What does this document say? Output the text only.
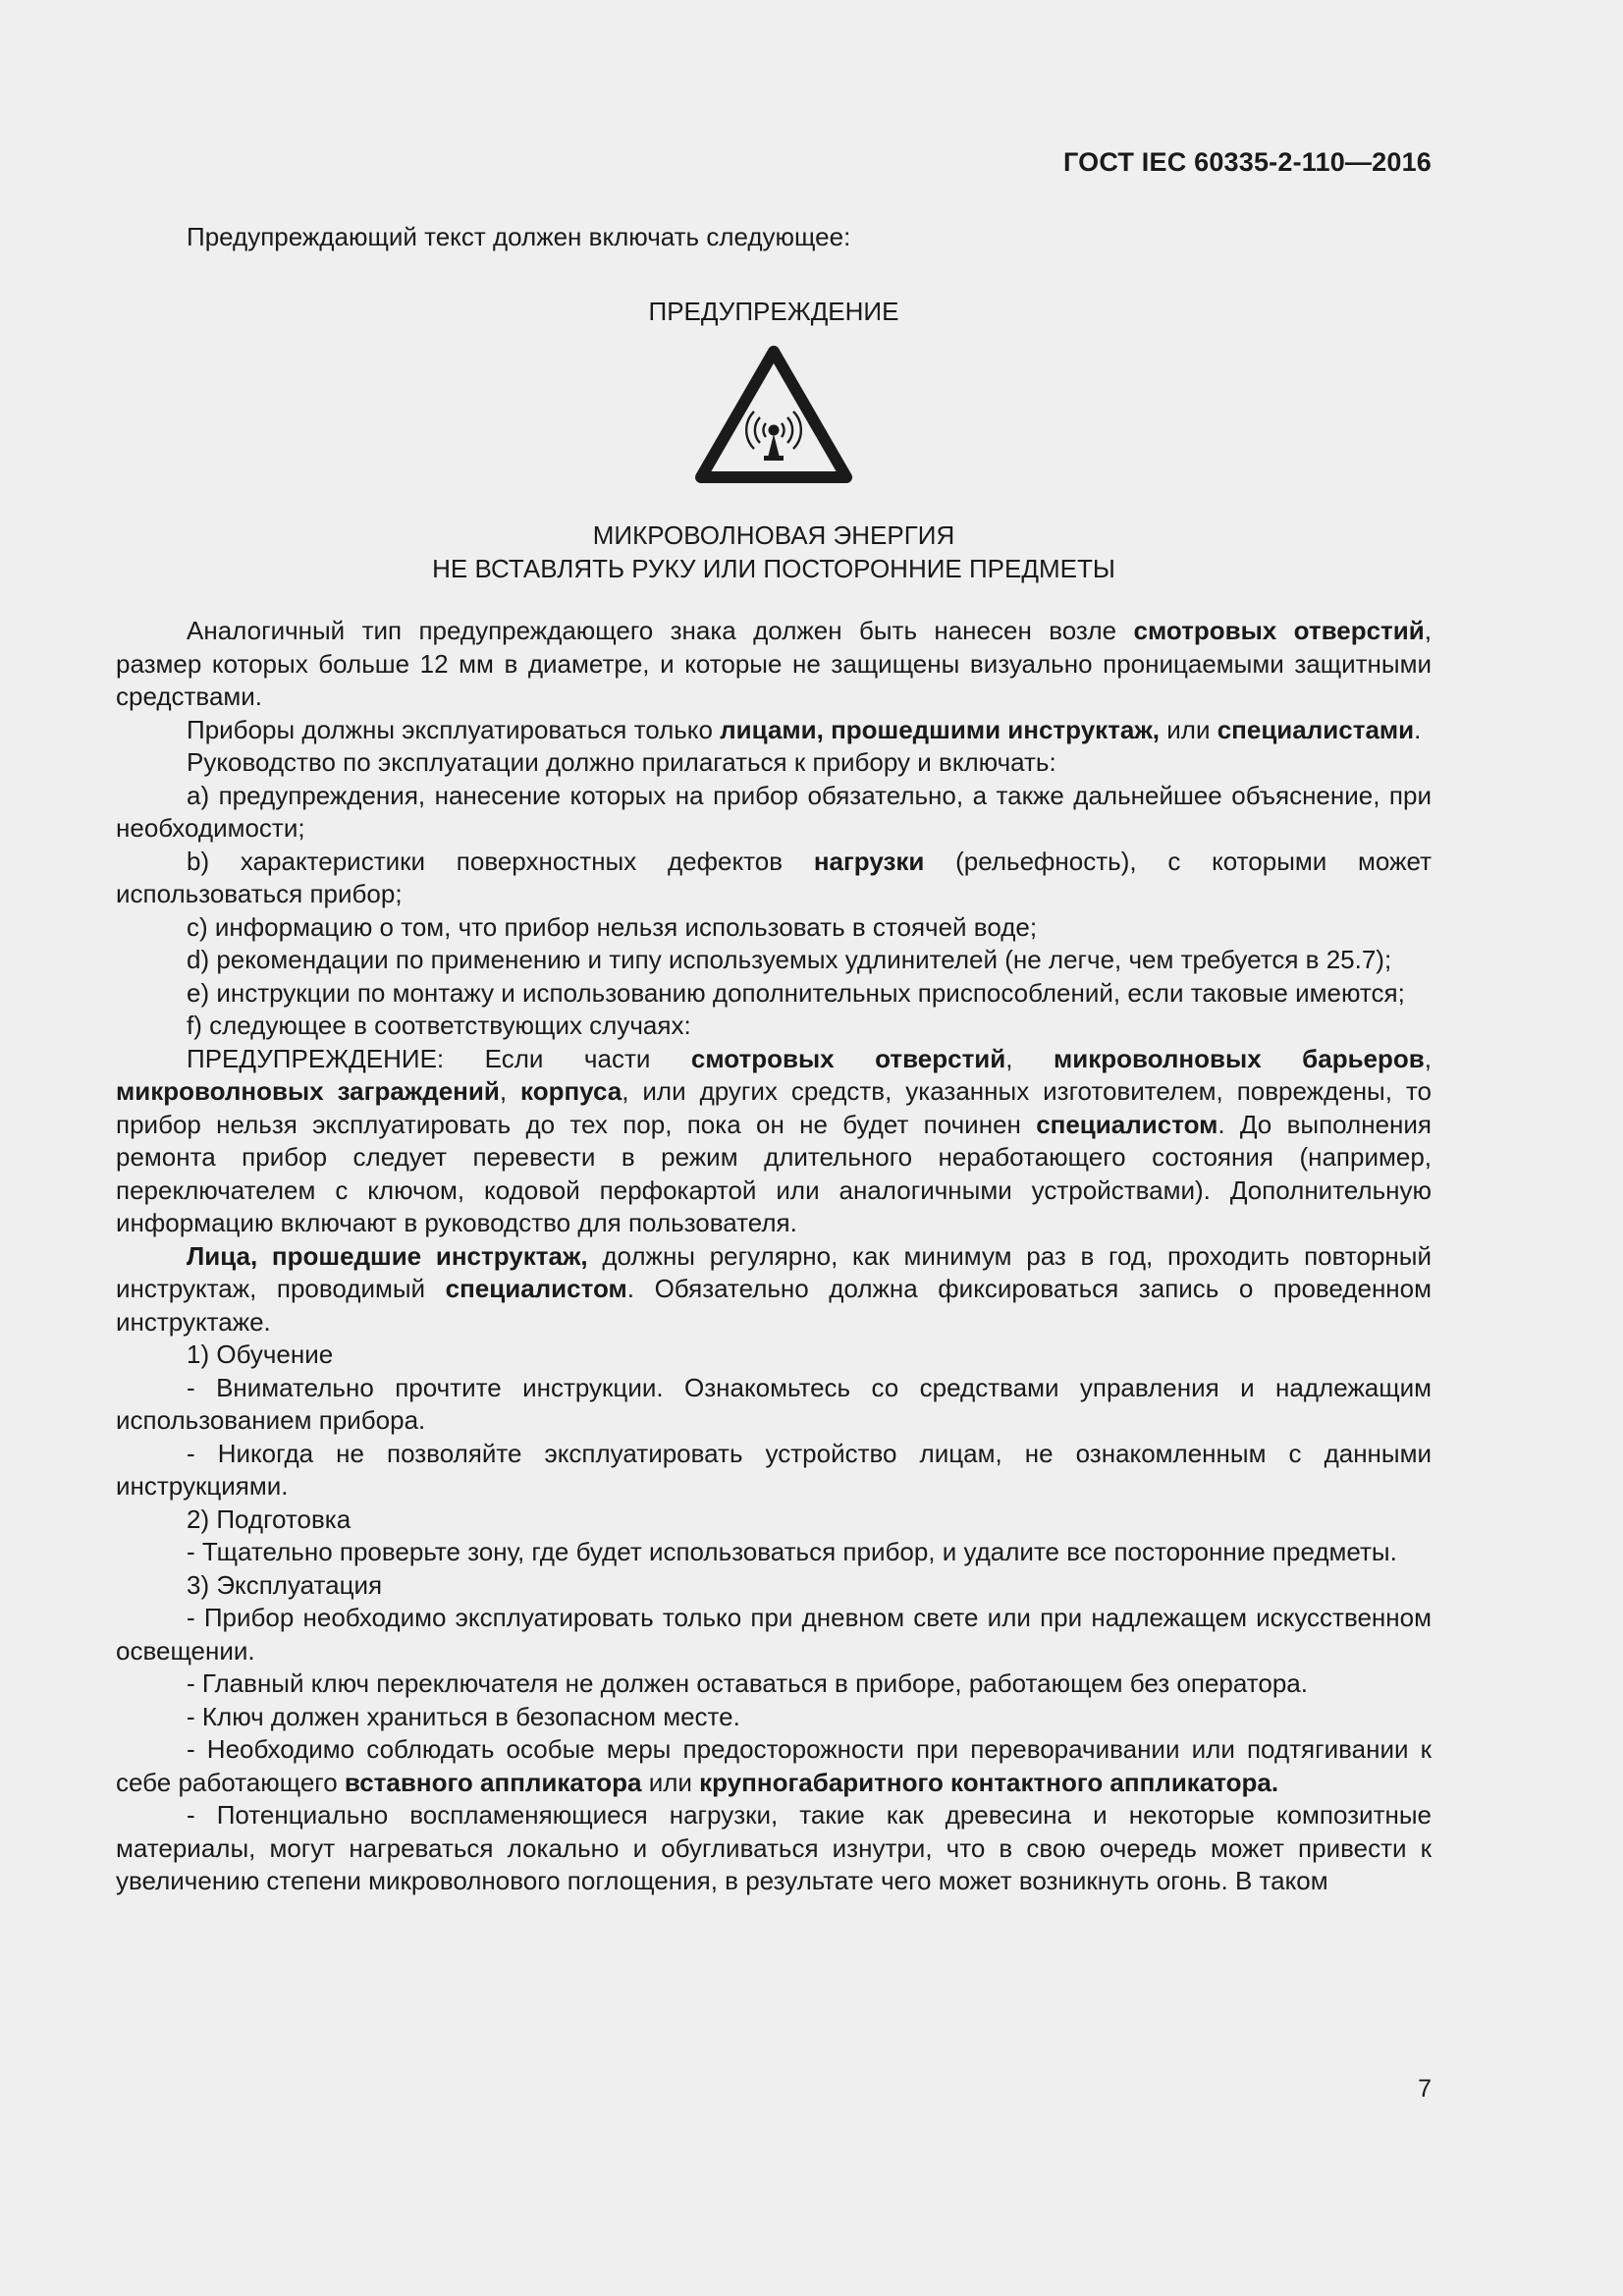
ГОСТ IEC 60335-2-110—2016

Предупреждающий текст должен включать следующее:

ПРЕДУПРЕЖДЕНИЕ
МИКРОВОЛНОВАЯ ЭНЕРГИЯ
НЕ ВСТАВЛЯТЬ РУКУ ИЛИ ПОСТОРОННИЕ ПРЕДМЕТЫ

Аналогичный тип предупреждающего знака должен быть нанесен возле смотровых отверстий, размер которых больше 12 мм в диаметре, и которые не защищены визуально проницаемыми защитными средствами.

Приборы должны эксплуатироваться только лицами, прошедшими инструктаж, или специалистами.

Руководство по эксплуатации должно прилагаться к прибору и включать:

a) предупреждения, нанесение которых на прибор обязательно, а также дальнейшее объяснение, при необходимости;

b) характеристики поверхностных дефектов нагрузки (рельефность), с которыми может использоваться прибор;

c) информацию о том, что прибор нельзя использовать в стоячей воде;

d) рекомендации по применению и типу используемых удлинителей (не легче, чем требуется в 25.7);

e) инструкции по монтажу и использованию дополнительных приспособлений, если таковые имеются;

f) следующее в соответствующих случаях:

ПРЕДУПРЕЖДЕНИЕ: Если части смотровых отверстий, микроволновых барьеров, микроволновых заграждений, корпуса, или других средств, указанных изготовителем, повреждены, то прибор нельзя эксплуатировать до тех пор, пока он не будет починен специалистом. До выполнения ремонта прибор следует перевести в режим длительного неработающего состояния (например, переключателем с ключом, кодовой перфокартой или аналогичными устройствами). Дополнительную информацию включают в руководство для пользователя.

Лица, прошедшие инструктаж, должны регулярно, как минимум раз в год, проходить повторный инструктаж, проводимый специалистом. Обязательно должна фиксироваться запись о проведенном инструктаже.

1) Обучение

- Внимательно прочтите инструкции. Ознакомьтесь со средствами управления и надлежащим использованием прибора.

- Никогда не позволяйте эксплуатировать устройство лицам, не ознакомленным с данными инструкциями.

2) Подготовка

- Тщательно проверьте зону, где будет использоваться прибор, и удалите все посторонние предметы.

3) Эксплуатация

- Прибор необходимо эксплуатировать только при дневном свете или при надлежащем искусственном освещении.

- Главный ключ переключателя не должен оставаться в приборе, работающем без оператора.

- Ключ должен храниться в безопасном месте.

- Необходимо соблюдать особые меры предосторожности при переворачивании или подтягивании к себе работающего вставного аппликатора или крупногабаритного контактного аппликатора.

- Потенциально воспламеняющиеся нагрузки, такие как древесина и некоторые композитные материалы, могут нагреваться локально и обугливаться изнутри, что в свою очередь может привести к увеличению степени микроволнового поглощения, в результате чего может возникнуть огонь. В таком

7
